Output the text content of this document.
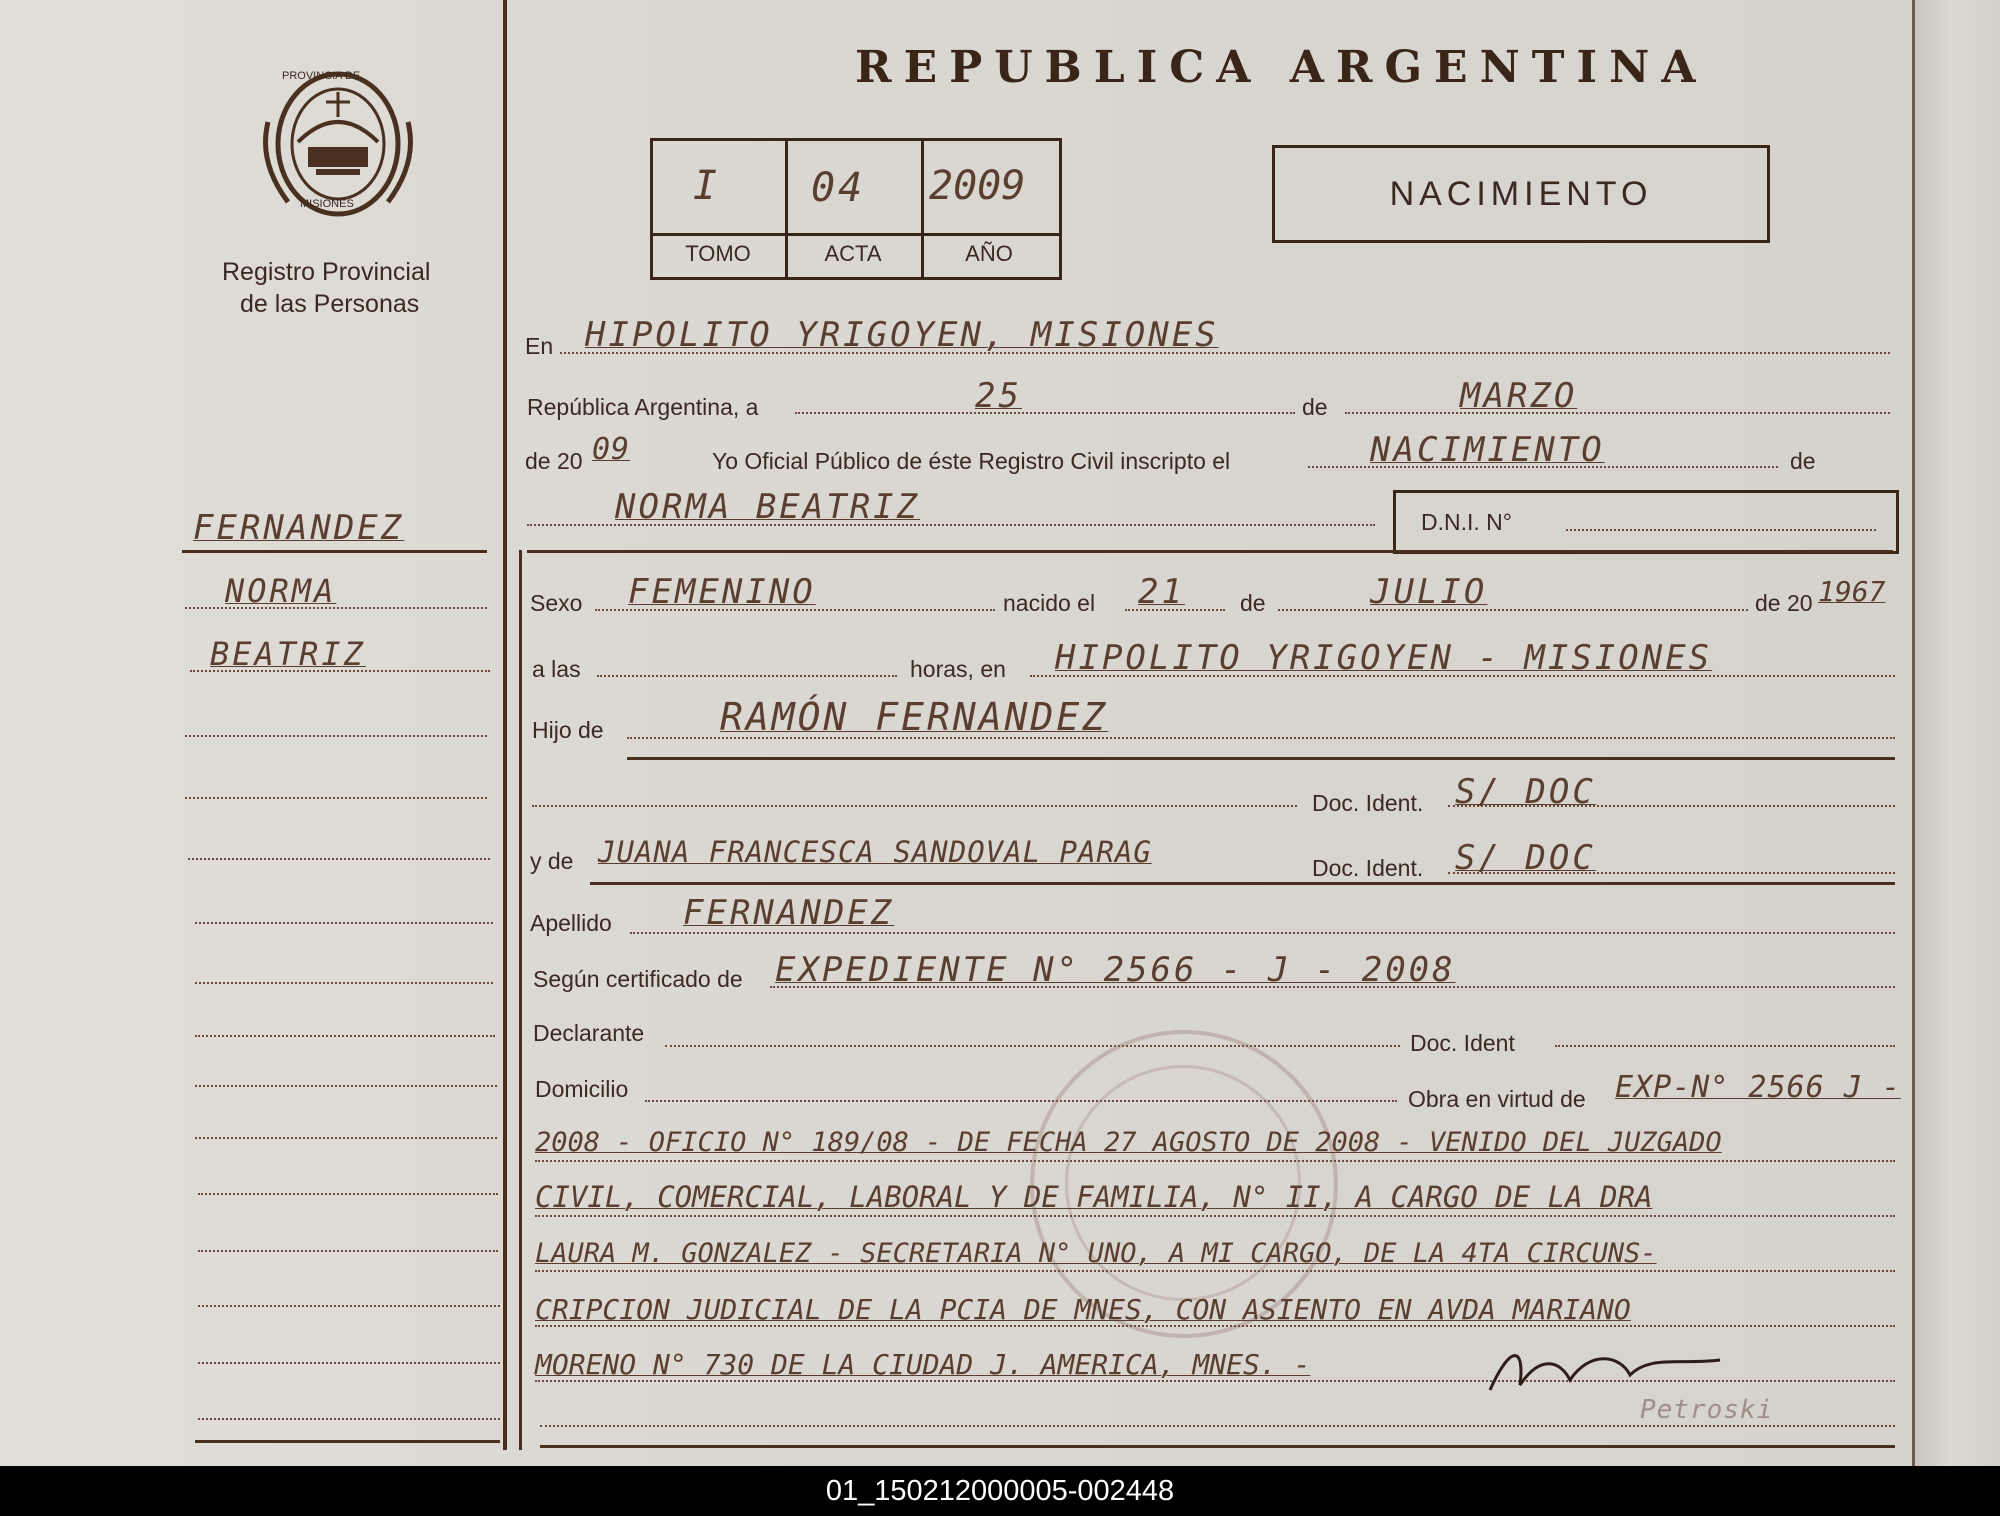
PROVINCIA DE
MISIONES
Registro Provincial
de las Personas
REPUBLICA ARGENTINA
I 04 2009
TOMO	ACTA	AÑO
NACIMIENTO
FERNANDEZ
NORMA
BEATRIZ
En HIPOLITO YRIGOYEN, MISIONES
República Argentina, a	25	de	MARZO
de 20 09	Yo Oficial Público de éste Registro Civil inscripto el	NACIMIENTO	de
NORMA BEATRIZ	D.N.I. N°
Sexo FEMENINO	nacido el 21 de	JULIO	de 20 1967
a las	horas, en HIPOLITO YRIGOYEN - MISIONES
Hijo de	RAMÓN FERNANDEZ
Doc. Ident. S/ DOC
y de JUANA FRANCESCA SANDOVAL PARAG	Doc. Ident. S/ DOC
Apellido FERNANDEZ
Según certificado de EXPEDIENTE N° 2566 - J - 2008
Declarante	Doc. Ident
Domicilio	Obra en virtud de EXP-N° 2566 J -
2008 - OFICIO N° 189/08 - DE FECHA 27 AGOSTO DE 2008 - VENIDO DEL JUZGADO
CIVIL, COMERCIAL, LABORAL Y DE FAMILIA, N° II, A CARGO DE LA DRA
LAURA M. GONZALEZ - SECRETARIA N° UNO, A MI CARGO, DE LA 4TA CIRCUNS-
CRIPCION JUDICIAL DE LA PCIA DE MNES, CON ASIENTO EN AVDA MARIANO
MORENO N° 730 DE LA CIUDAD J. AMERICA, MNES. -
Petroski
01_150212000005-002448
